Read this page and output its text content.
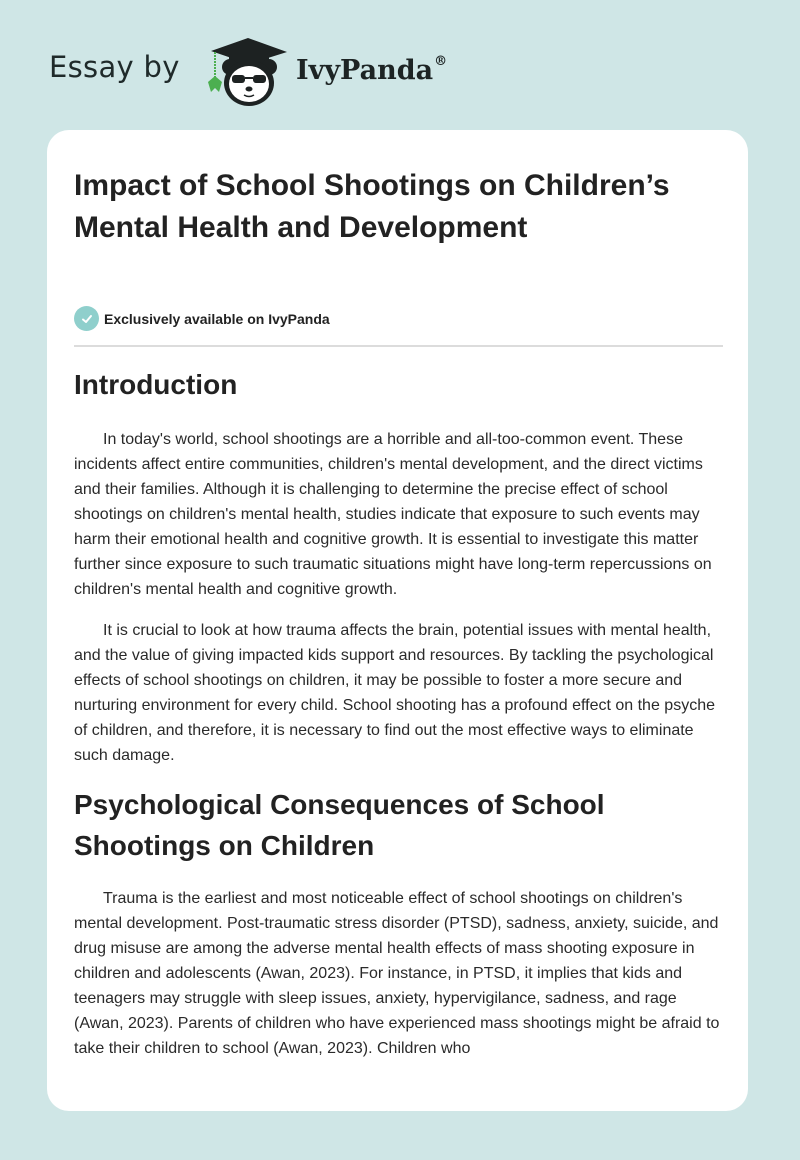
Essay by	IvyPanda®
Impact of School Shootings on Children’s Mental Health and Development
Exclusively available on IvyPanda
Introduction

In today's world, school shootings are a horrible and all-too-common event. These incidents affect entire communities, children's mental development, and the direct victims and their families. Although it is challenging to determine the precise effect of school shootings on children's mental health, studies indicate that exposure to such events may harm their emotional health and cognitive growth. It is essential to investigate this matter further since exposure to such traumatic situations might have long-term repercussions on children's mental health and cognitive growth.

It is crucial to look at how trauma affects the brain, potential issues with mental health, and the value of giving impacted kids support and resources. By tackling the psychological effects of school shootings on children, it may be possible to foster a more secure and nurturing environment for every child. School shooting has a profound effect on the psyche of children, and therefore, it is necessary to find out the most effective ways to eliminate such damage.

Psychological Consequences of School Shootings on Children

Trauma is the earliest and most noticeable effect of school shootings on children's mental development. Post-traumatic stress disorder (PTSD), sadness, anxiety, suicide, and drug misuse are among the adverse mental health effects of mass shooting exposure in children and adolescents (Awan, 2023). For instance, in PTSD, it implies that kids and teenagers may struggle with sleep issues, anxiety, hypervigilance, sadness, and rage (Awan, 2023). Parents of children who have experienced mass shootings might be afraid to take their children to school (Awan, 2023). Children who
